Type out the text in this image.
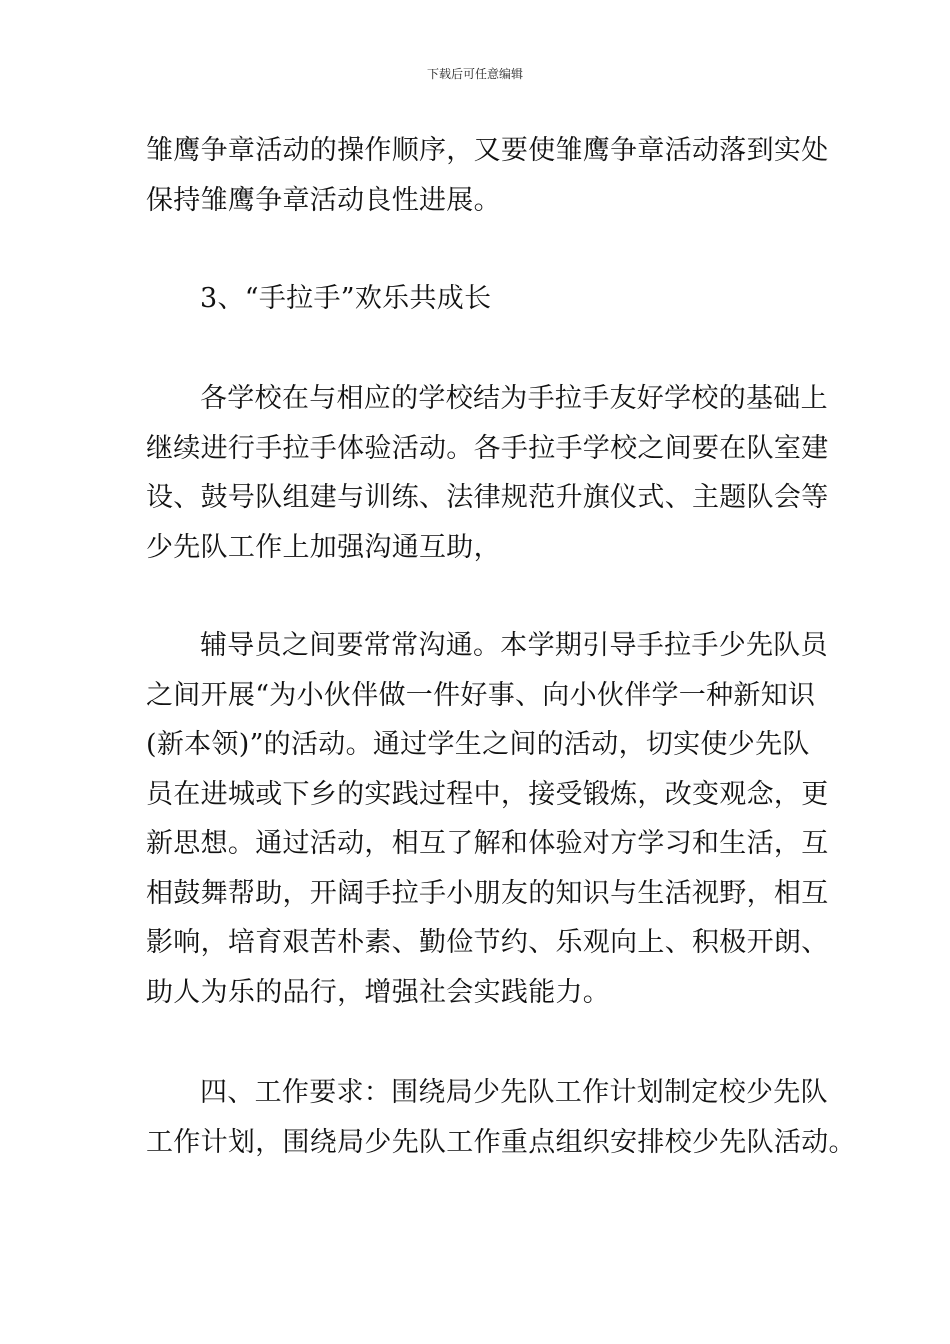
下载后可任意编辑
雏鹰争章活动的操作顺序，又要使雏鹰争章活动落到实处
保持雏鹰争章活动良性进展。
3、“手拉手”欢乐共成长
各学校在与相应的学校结为手拉手友好学校的基础上
继续进行手拉手体验活动。各手拉手学校之间要在队室建
设、鼓号队组建与训练、法律规范升旗仪式、主题队会等
少先队工作上加强沟通互助，
辅导员之间要常常沟通。本学期引导手拉手少先队员
之间开展“为小伙伴做一件好事、向小伙伴学一种新知识
(新本领)”的活动。通过学生之间的活动，切实使少先队
员在进城或下乡的实践过程中，接受锻炼，改变观念，更
新思想。通过活动，相互了解和体验对方学习和生活，互
相鼓舞帮助，开阔手拉手小朋友的知识与生活视野，相互
影响，培育艰苦朴素、勤俭节约、乐观向上、积极开朗、
助人为乐的品行，增强社会实践能力。
四、工作要求：围绕局少先队工作计划制定校少先队
工作计划，围绕局少先队工作重点组织安排校少先队活动。
